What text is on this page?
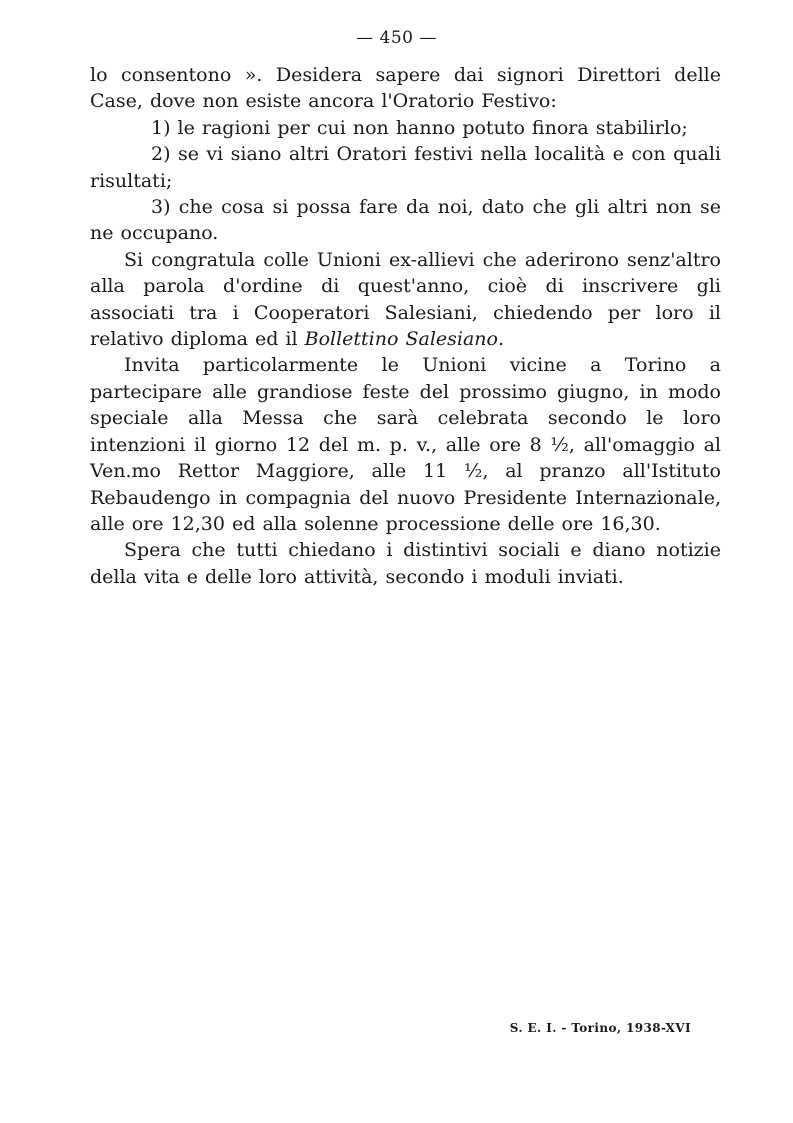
— 450 —

lo consentono ». Desidera sapere dai signori Direttori delle Case, dove non esiste ancora l'Oratorio Festivo:

1) le ragioni per cui non hanno potuto finora stabilirlo;

2) se vi siano altri Oratori festivi nella località e con quali risultati;

3) che cosa si possa fare da noi, dato che gli altri non se ne occupano.

Si congratula colle Unioni ex-allievi che aderirono senz'altro alla parola d'ordine di quest'anno, cioè di inscrivere gli associati tra i Cooperatori Salesiani, chiedendo per loro il relativo diploma ed il Bollettino Salesiano.

Invita particolarmente le Unioni vicine a Torino a partecipare alle grandiose feste del prossimo giugno, in modo speciale alla Messa che sarà celebrata secondo le loro intenzioni il giorno 12 del m. p. v., alle ore 8 ½, all'omaggio al Ven.mo Rettor Maggiore, alle 11 ½, al pranzo all'Istituto Rebaudengo in compagnia del nuovo Presidente Internazionale, alle ore 12,30 ed alla solenne processione delle ore 16,30.

Spera che tutti chiedano i distintivi sociali e diano notizie della vita e delle loro attività, secondo i moduli inviati.

S. E. I. - Torino, 1938-XVI
